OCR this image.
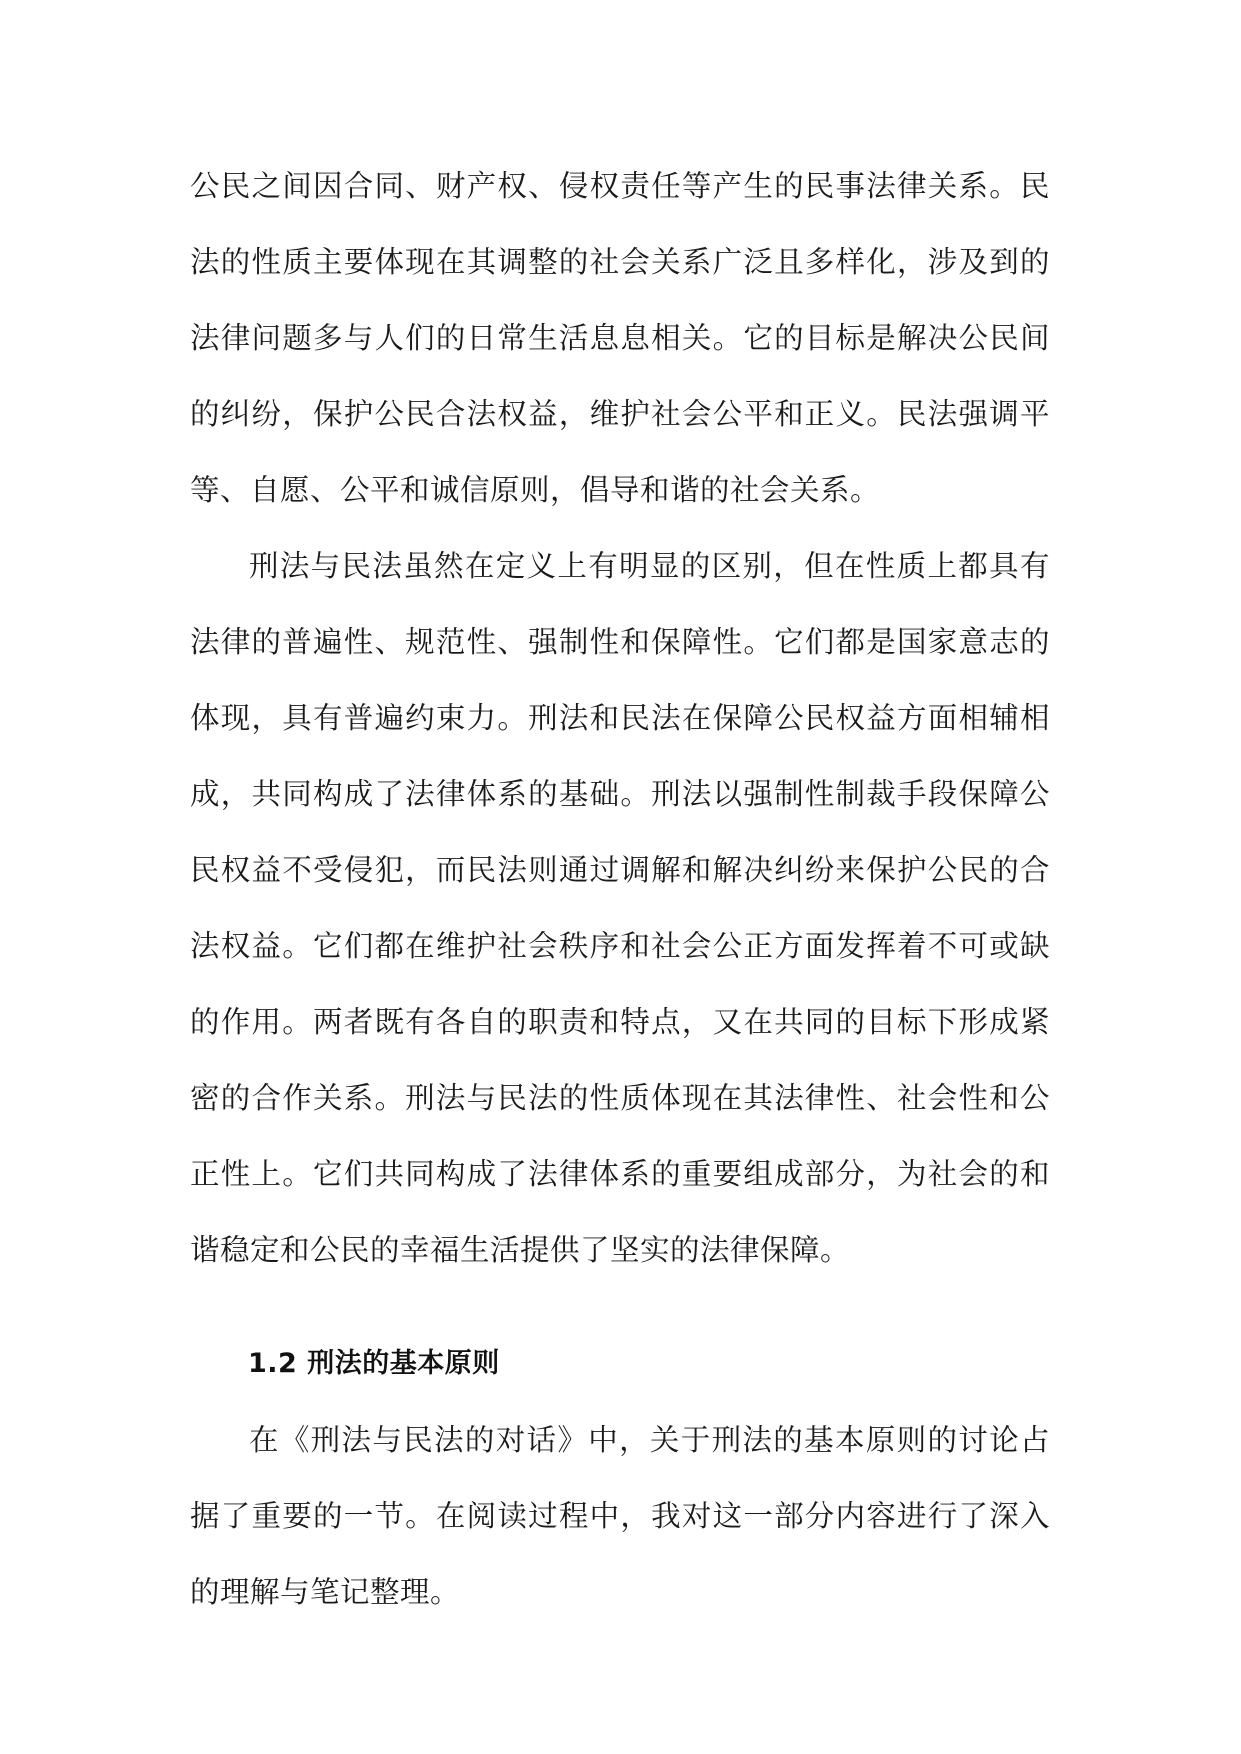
公民之间因合同、财产权、侵权责任等产生的民事法律关系。民法的性质主要体现在其调整的社会关系广泛且多样化，涉及到的法律问题多与人们的日常生活息息相关。它的目标是解决公民间的纠纷，保护公民合法权益，维护社会公平和正义。民法强调平等、自愿、公平和诚信原则，倡导和谐的社会关系。

刑法与民法虽然在定义上有明显的区别，但在性质上都具有法律的普遍性、规范性、强制性和保障性。它们都是国家意志的体现，具有普遍约束力。刑法和民法在保障公民权益方面相辅相成，共同构成了法律体系的基础。刑法以强制性制裁手段保障公民权益不受侵犯，而民法则通过调解和解决纠纷来保护公民的合法权益。它们都在维护社会秩序和社会公正方面发挥着不可或缺的作用。两者既有各自的职责和特点，又在共同的目标下形成紧密的合作关系。刑法与民法的性质体现在其法律性、社会性和公正性上。它们共同构成了法律体系的重要组成部分，为社会的和谐稳定和公民的幸福生活提供了坚实的法律保障。

1.2 刑法的基本原则

在《刑法与民法的对话》中，关于刑法的基本原则的讨论占据了重要的一节。在阅读过程中，我对这一部分内容进行了深入的理解与笔记整理。
